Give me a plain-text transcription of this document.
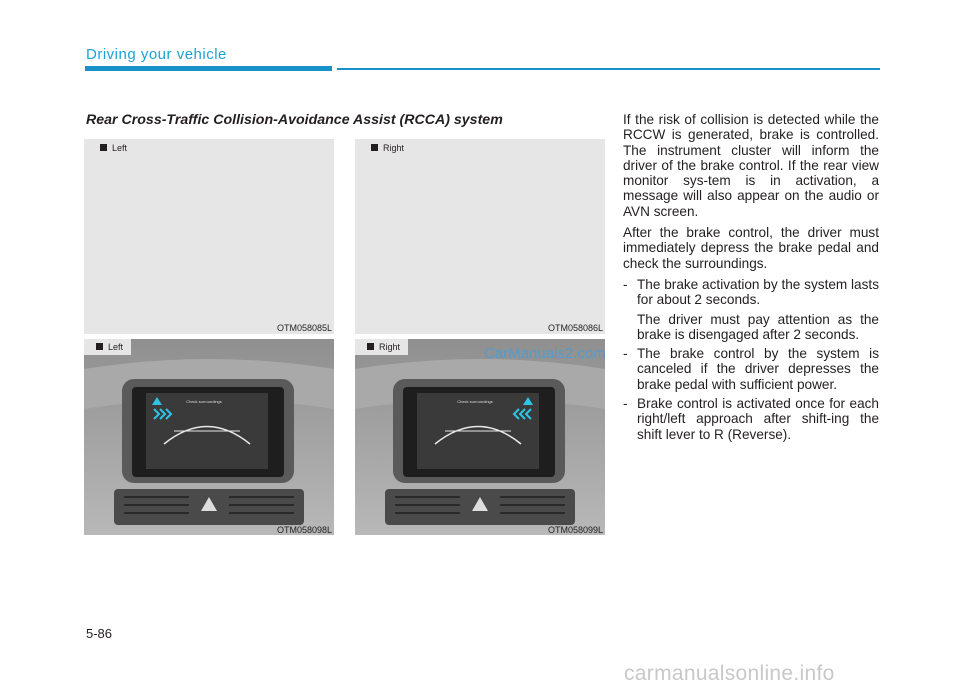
Driving your vehicle
Rear Cross-Traffic Collision-Avoidance Assist (RCCA) system
Left
OTM058085L
Right
OTM058086L
Check surroundings
Left
OTM058098L
Check surroundings
Right
OTM058099L

If the risk of collision is detected while the RCCW is generated, brake is controlled. The instrument cluster will inform the driver of the brake control. If the rear view monitor sys-tem is in activation, a message will also appear on the audio or AVN screen.

After the brake control, the driver must immediately depress the brake pedal and check the surroundings.

- The brake activation by the system lasts for about 2 seconds.
The driver must pay attention as the brake is disengaged after 2 seconds.
- The brake control by the system is canceled if the driver depresses the brake pedal with sufficient power.
- Brake control is activated once for each right/left approach after shift-ing the shift lever to R (Reverse).
CarManuals2.com
5-86
carmanualsonline.info
